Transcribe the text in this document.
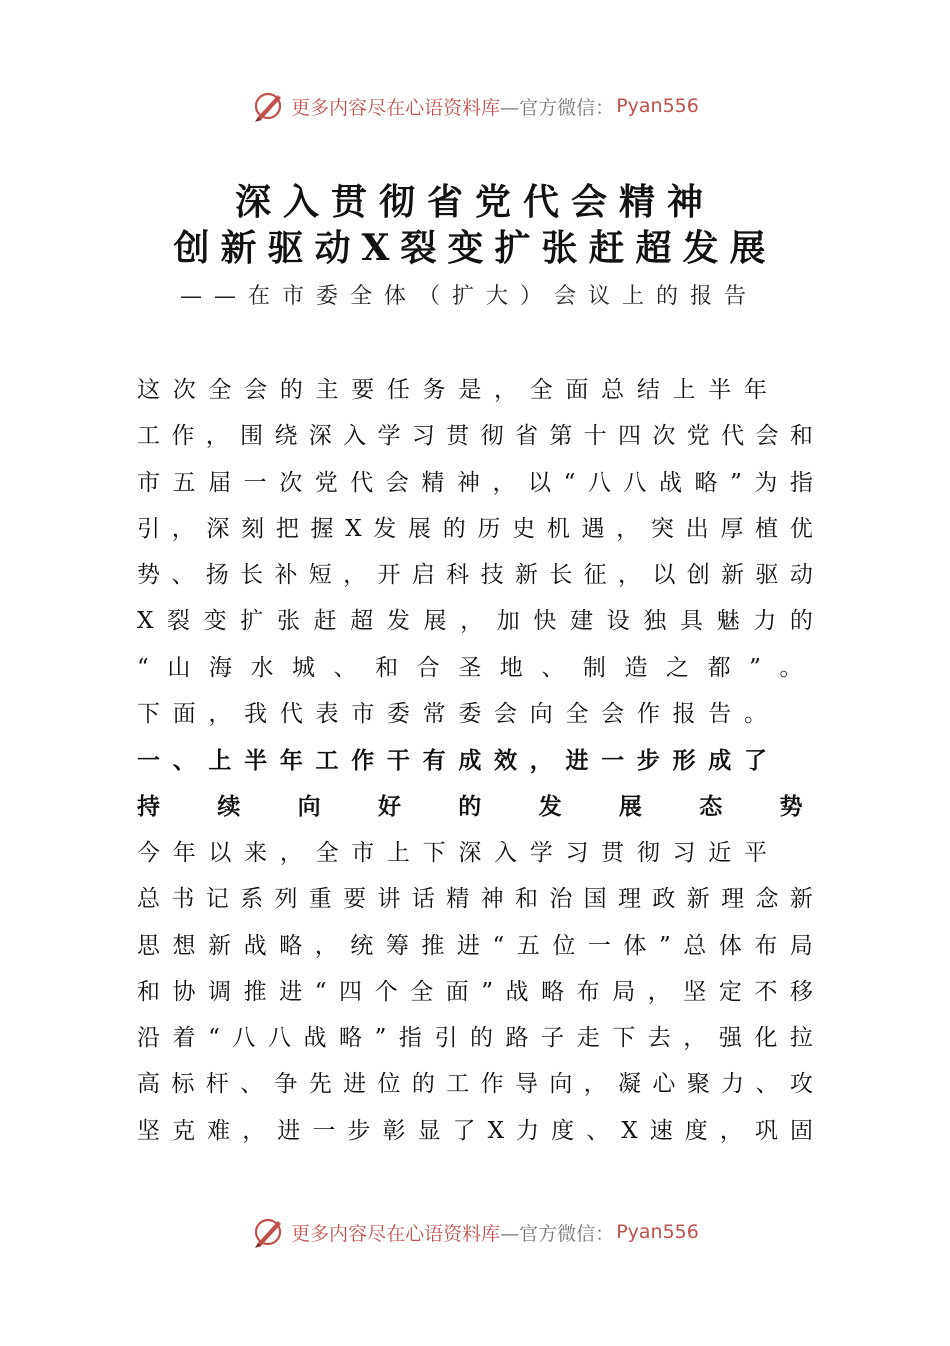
更多内容尽在心语资料库 —官方微信： Pyan556
深入贯彻省党代会精神
创新驱动X裂变扩张赶超发展
——在市委全体（扩大）会议上的报告
这 次 全 会 的 主 要 任 务 是 ， 全 面 总 结 上 半 年
工 作 ， 围 绕 深 入 学 习 贯 彻 省 第 十 四 次 党 代 会 和
市 五 届 一 次 党 代 会 精 神 ， 以 “ 八 八 战 略 ” 为 指
引 ， 深 刻 把 握 X 发 展 的 历 史 机 遇 ， 突 出 厚 植 优
势 、 扬 长 补 短 ， 开 启 科 技 新 长 征 ， 以 创 新 驱 动
X 裂 变 扩 张 赶 超 发 展 ， 加 快 建 设 独 具 魅 力 的
“山海水城、和合圣地、制造之都”。
下 面 ， 我 代 表 市 委 常 委 会 向 全 会 作 报 告 。
一 、 上 半 年 工 作 干 有 成 效 ， 进 一 步 形 成 了
持续向好的发展态势
今 年 以 来 ， 全 市 上 下 深 入 学 习 贯 彻 习 近 平
总 书 记 系 列 重 要 讲 话 精 神 和 治 国 理 政 新 理 念 新
思 想 新 战 略 ， 统 筹 推 进 “ 五 位 一 体 ” 总 体 布 局
和 协 调 推 进 “ 四 个 全 面 ” 战 略 布 局 ， 坚 定 不 移
沿 着 “ 八 八 战 略 ” 指 引 的 路 子 走 下 去 ， 强 化 拉
高 标 杆 、 争 先 进 位 的 工 作 导 向 ， 凝 心 聚 力 、 攻
坚 克 难 ， 进 一 步 彰 显 了 X 力 度 、 X 速 度 ， 巩 固
更多内容尽在心语资料库 —官方微信： Pyan556
